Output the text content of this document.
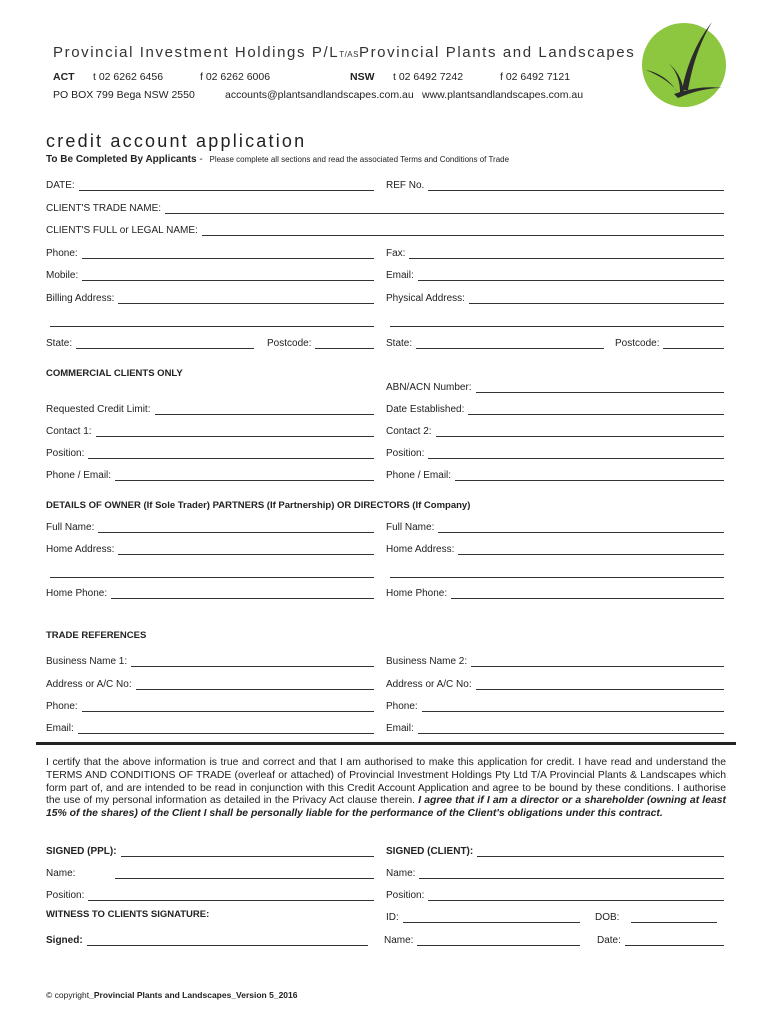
Provincial Investment Holdings P/LT/ASProvincial Plants and Landscapes
ACT t 02 6262 6456	f 02 6262 6006	NSW t 02 6492 7242	f 02 6492 7121
PO BOX 799 Bega NSW 2550	accounts@plantsandlandscapes.com.au www.plantsandlandscapes.com.au
credit account application
To Be Completed By Applicants - Please complete all sections and read the associated Terms and Conditions of Trade
DATE:	REF No.
CLIENT'S TRADE NAME:
CLIENT'S FULL or LEGAL NAME:
Phone:	Fax:
Mobile:	Email:
Billing Address:	Physical Address:
State:	Postcode:	State:	Postcode:
COMMERCIAL CLIENTS ONLY
ABN/ACN Number:
Requested Credit Limit:	Date Established:
Contact 1:	Contact 2:
Position:	Position:
Phone / Email:	Phone / Email:
DETAILS OF OWNER (If Sole Trader) PARTNERS (If Partnership) OR DIRECTORS (If Company)
Full Name:	Full Name:
Home Address:	Home Address:
Home Phone:	Home Phone:
TRADE REFERENCES
Business Name 1:	Business Name 2:
Address or A/C No:	Address or A/C No:
Phone:	Phone:
Email:	Email:
I certify that the above information is true and correct and that I am authorised to make this application for credit. I have read and understand the TERMS AND CONDITIONS OF TRADE (overleaf or attached) of Provincial Investment Holdings Pty Ltd T/A Provincial Plants & Landscapes which form part of, and are intended to be read in conjunction with this Credit Account Application and agree to be bound by these conditions. I authorise the use of my personal information as detailed in the Privacy Act clause therein. I agree that if I am a director or a shareholder (owning at least 15% of the shares) of the Client I shall be personally liable for the performance of the Client's obligations under this contract.
SIGNED (PPL):	SIGNED (CLIENT):
Name:	Name:
Position:	Position:
WITNESS TO CLIENTS SIGNATURE:	ID:	DOB:
Signed:	Name:	Date:
© copyright_Provincial Plants and Landscapes_Version 5_2016
